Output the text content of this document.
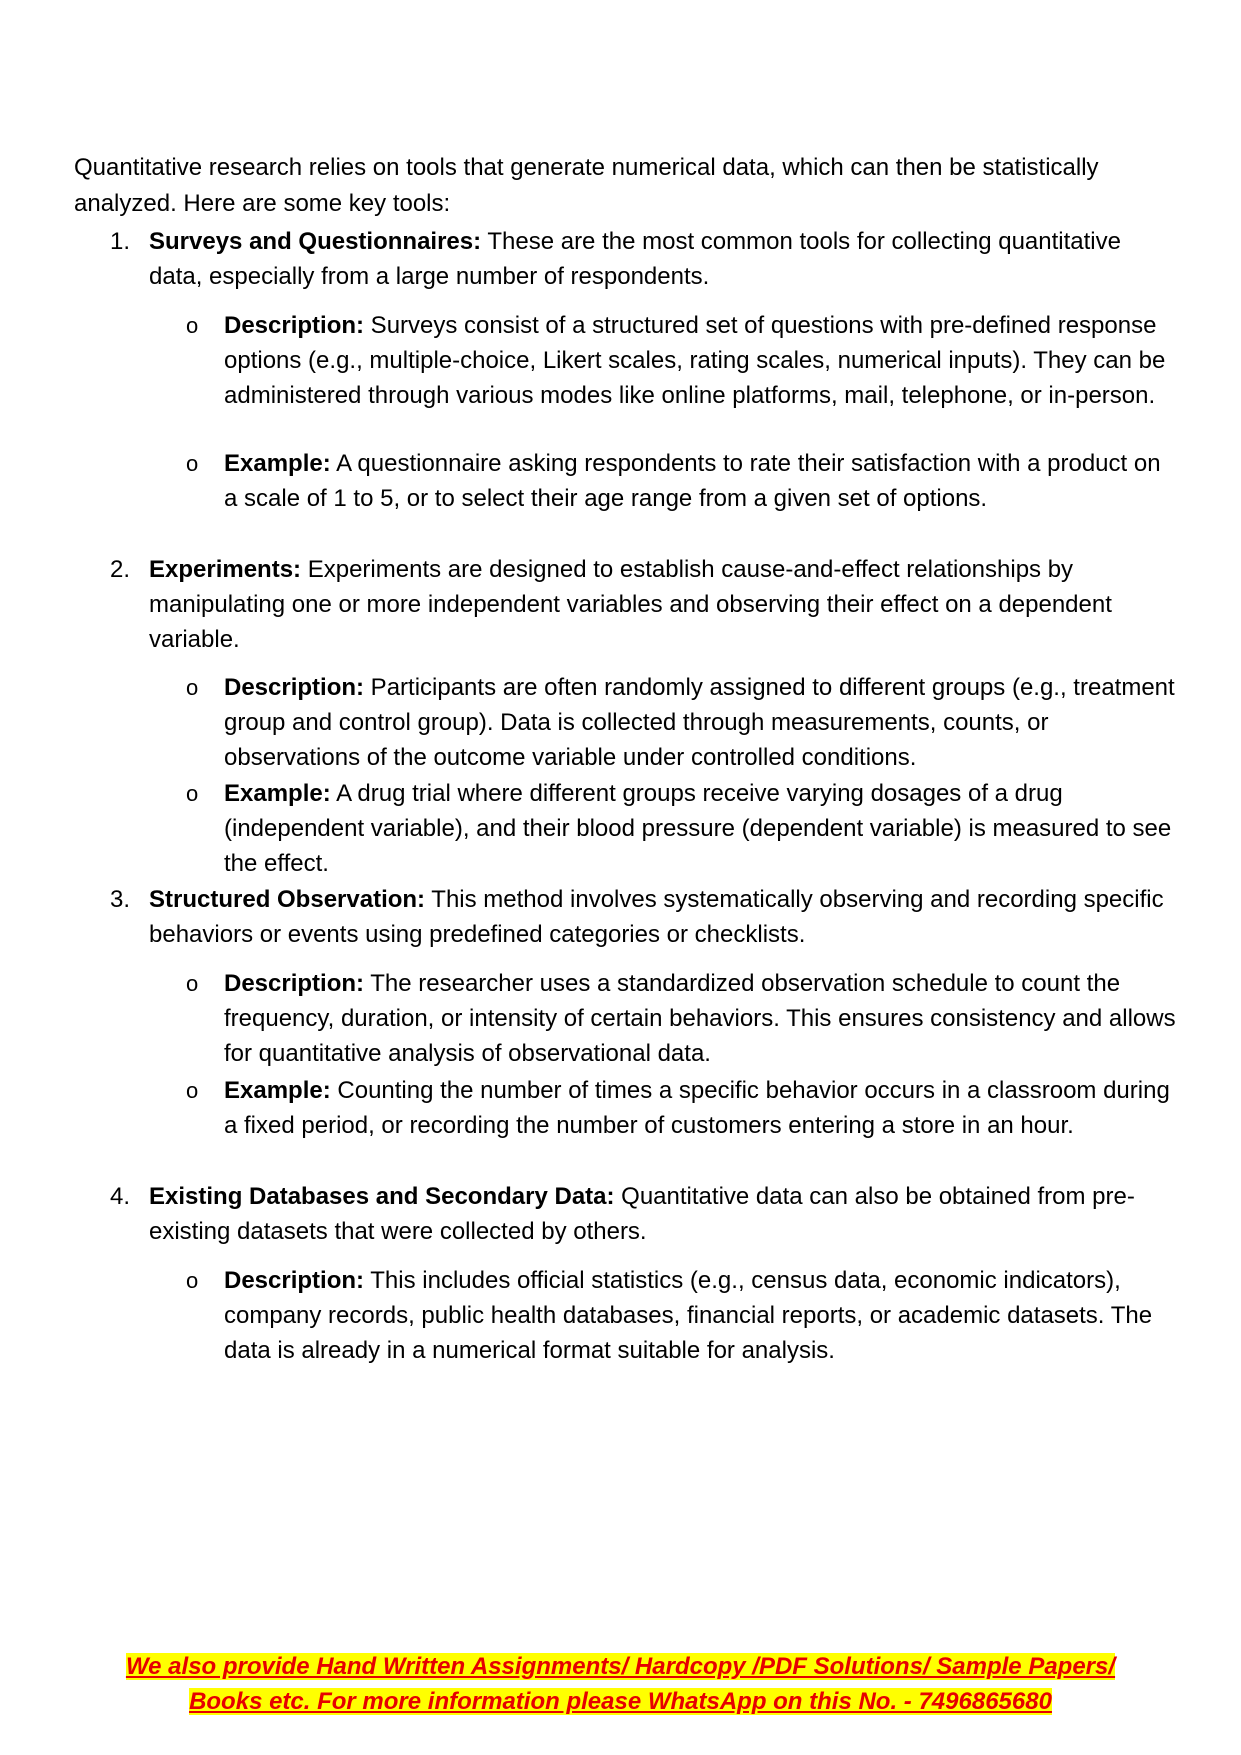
Quantitative research relies on tools that generate numerical data, which can then be statistically analyzed. Here are some key tools:

1. Surveys and Questionnaires: These are the most common tools for collecting quantitative data, especially from a large number of respondents.
o Description: Surveys consist of a structured set of questions with pre-defined response options (e.g., multiple-choice, Likert scales, rating scales, numerical inputs). They can be administered through various modes like online platforms, mail, telephone, or in-person.
o Example: A questionnaire asking respondents to rate their satisfaction with a product on a scale of 1 to 5, or to select their age range from a given set of options.
2. Experiments: Experiments are designed to establish cause-and-effect relationships by manipulating one or more independent variables and observing their effect on a dependent variable.
o Description: Participants are often randomly assigned to different groups (e.g., treatment group and control group). Data is collected through measurements, counts, or observations of the outcome variable under controlled conditions.
o Example: A drug trial where different groups receive varying dosages of a drug (independent variable), and their blood pressure (dependent variable) is measured to see the effect.
3. Structured Observation: This method involves systematically observing and recording specific behaviors or events using predefined categories or checklists.
o Description: The researcher uses a standardized observation schedule to count the frequency, duration, or intensity of certain behaviors. This ensures consistency and allows for quantitative analysis of observational data.
o Example: Counting the number of times a specific behavior occurs in a classroom during a fixed period, or recording the number of customers entering a store in an hour.
4. Existing Databases and Secondary Data: Quantitative data can also be obtained from pre-existing datasets that were collected by others.
o Description: This includes official statistics (e.g., census data, economic indicators), company records, public health databases, financial reports, or academic datasets. The data is already in a numerical format suitable for analysis.
We also provide Hand Written Assignments/ Hardcopy /PDF Solutions/ Sample Papers/
Books etc. For more information please WhatsApp on this No. - 7496865680
